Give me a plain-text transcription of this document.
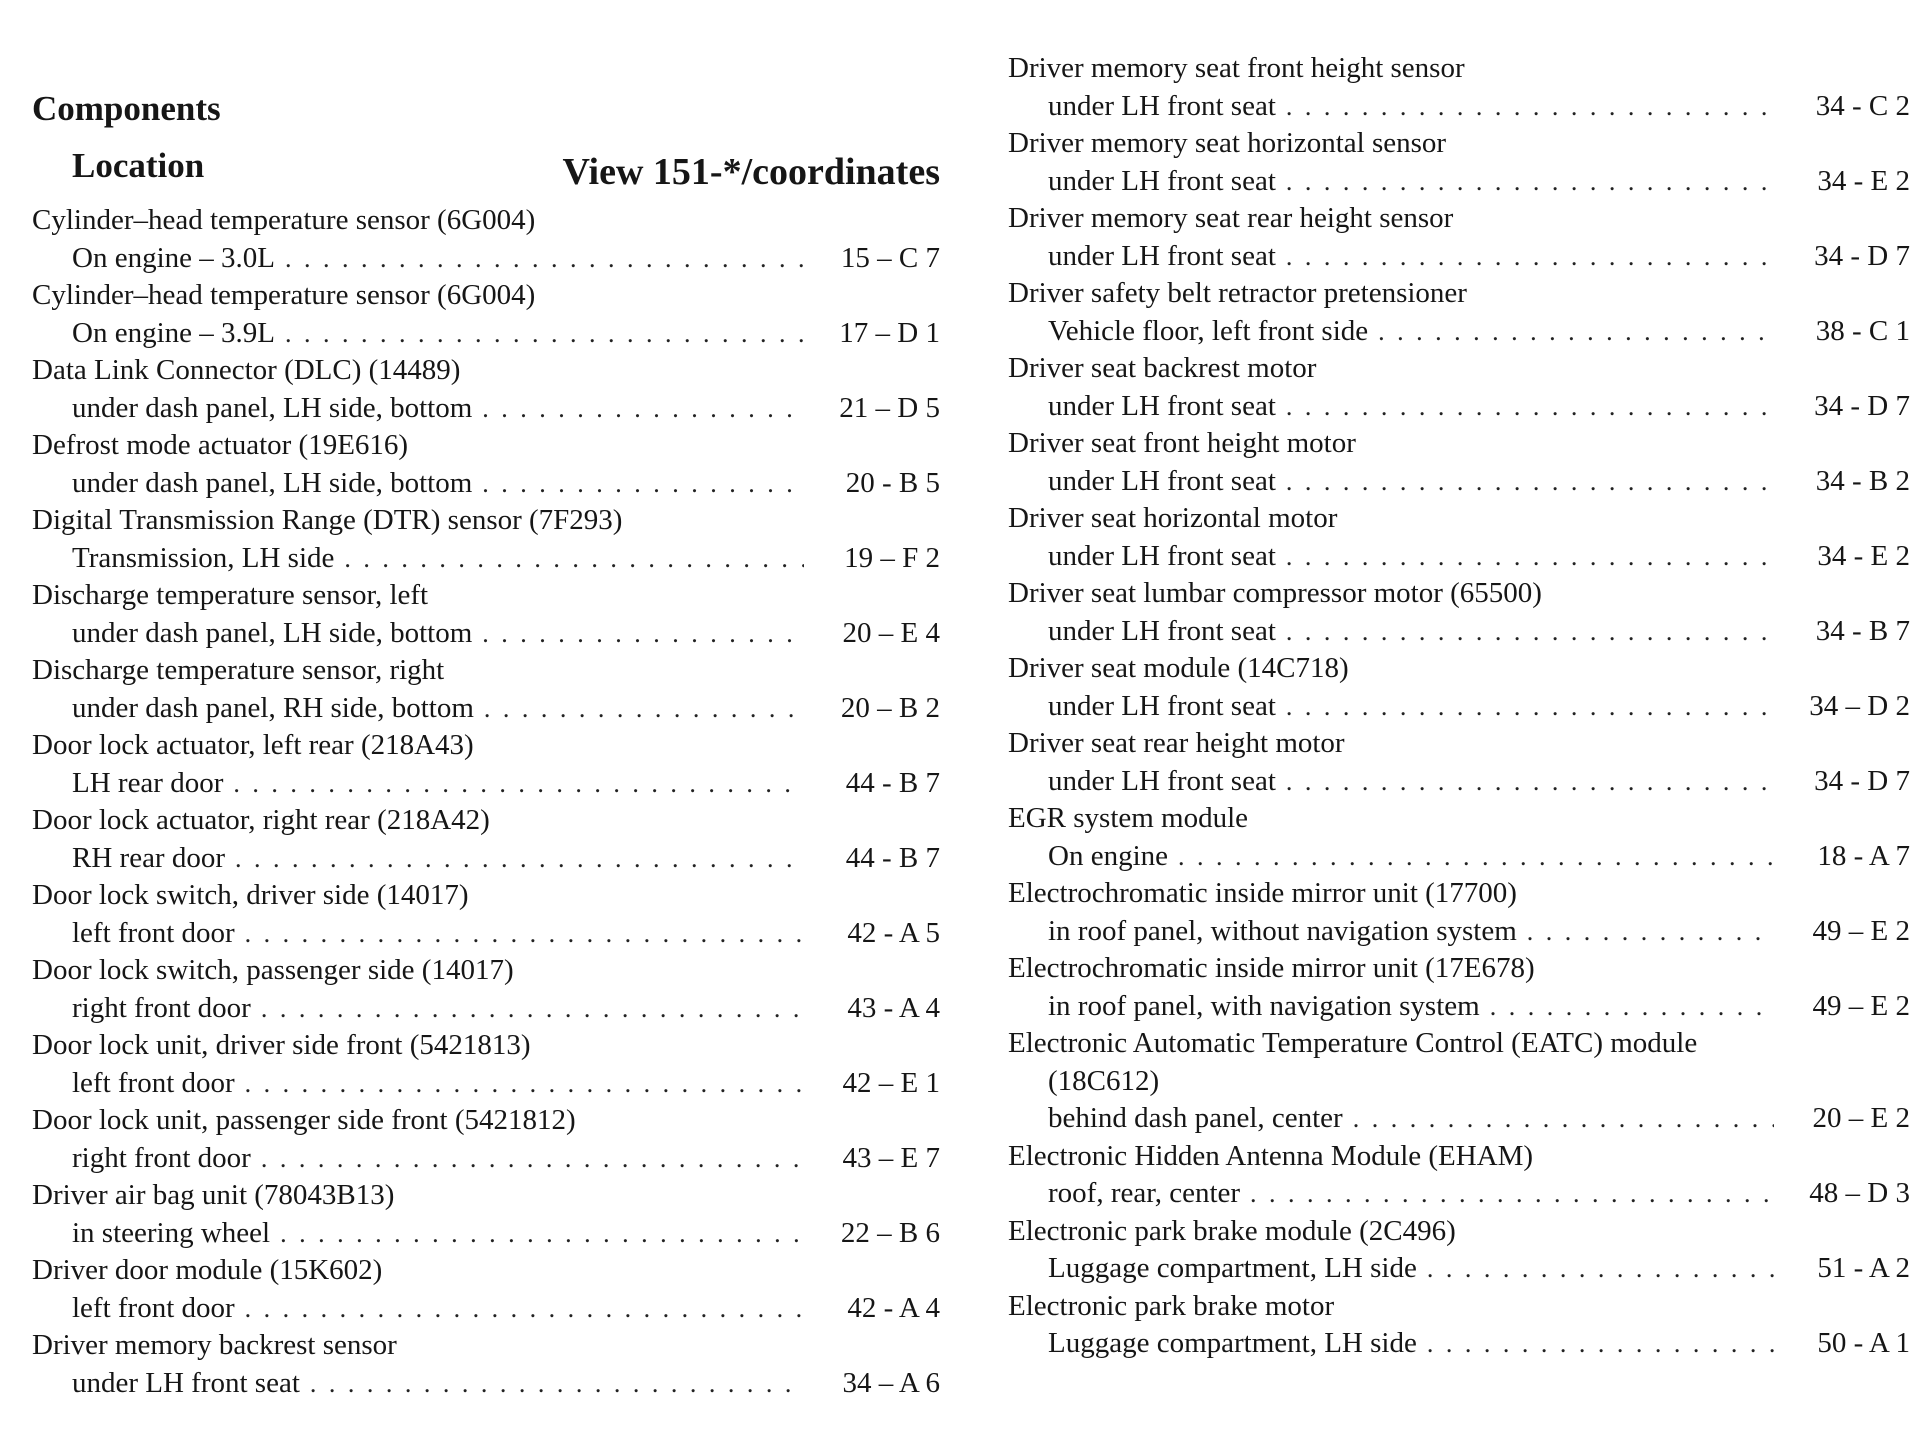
Components
Location	View 151-*/coordinates
Cylinder–head temperature sensor (6G004)
On engine – 3.0L . . .	15 – C 7
Cylinder–head temperature sensor (6G004)
On engine – 3.9L . . .	17 – D 1
Data Link Connector (DLC) (14489)
under dash panel, LH side, bottom . . .	21 – D 5
Defrost mode actuator (19E616)
under dash panel, LH side, bottom . . .	20 - B 5
Digital Transmission Range (DTR) sensor (7F293)
Transmission, LH side . . .	19 – F 2
Discharge temperature sensor, left
under dash panel, LH side, bottom . . .	20 – E 4
Discharge temperature sensor, right
under dash panel, RH side, bottom . . .	20 – B 2
Door lock actuator, left rear (218A43)
LH rear door . . .	44 - B 7
Door lock actuator, right rear (218A42)
RH rear door . . .	44 - B 7
Door lock switch, driver side (14017)
left front door . . .	42 - A 5
Door lock switch, passenger side (14017)
right front door . . .	43 - A 4
Door lock unit, driver side front (5421813)
left front door . . .	42 – E 1
Door lock unit, passenger side front (5421812)
right front door . . .	43 – E 7
Driver air bag unit (78043B13)
in steering wheel . . .	22 – B 6
Driver door module (15K602)
left front door . . .	42 - A 4
Driver memory backrest sensor
under LH front seat . . .	34 – A 6
Driver memory seat front height sensor
under LH front seat . . .	34 - C 2
Driver memory seat horizontal sensor
under LH front seat . . .	34 - E 2
Driver memory seat rear height sensor
under LH front seat . . .	34 - D 7
Driver safety belt retractor pretensioner
Vehicle floor, left front side . . .	38 - C 1
Driver seat backrest motor
under LH front seat . . .	34 - D 7
Driver seat front height motor
under LH front seat . . .	34 - B 2
Driver seat horizontal motor
under LH front seat . . .	34 - E 2
Driver seat lumbar compressor motor (65500)
under LH front seat . . .	34 - B 7
Driver seat module (14C718)
under LH front seat . . .	34 – D 2
Driver seat rear height motor
under LH front seat . . .	34 - D 7
EGR system module
On engine . . .	18 - A 7
Electrochromatic inside mirror unit (17700)
in roof panel, without navigation system . . .	49 – E 2
Electrochromatic inside mirror unit (17E678)
in roof panel, with navigation system . . .	49 – E 2
Electronic Automatic Temperature Control (EATC) module
(18C612)
behind dash panel, center . . .	20 – E 2
Electronic Hidden Antenna Module (EHAM)
roof, rear, center . . .	48 – D 3
Electronic park brake module (2C496)
Luggage compartment, LH side . . .	51 - A 2
Electronic park brake motor
Luggage compartment, LH side . . .	50 - A 1
